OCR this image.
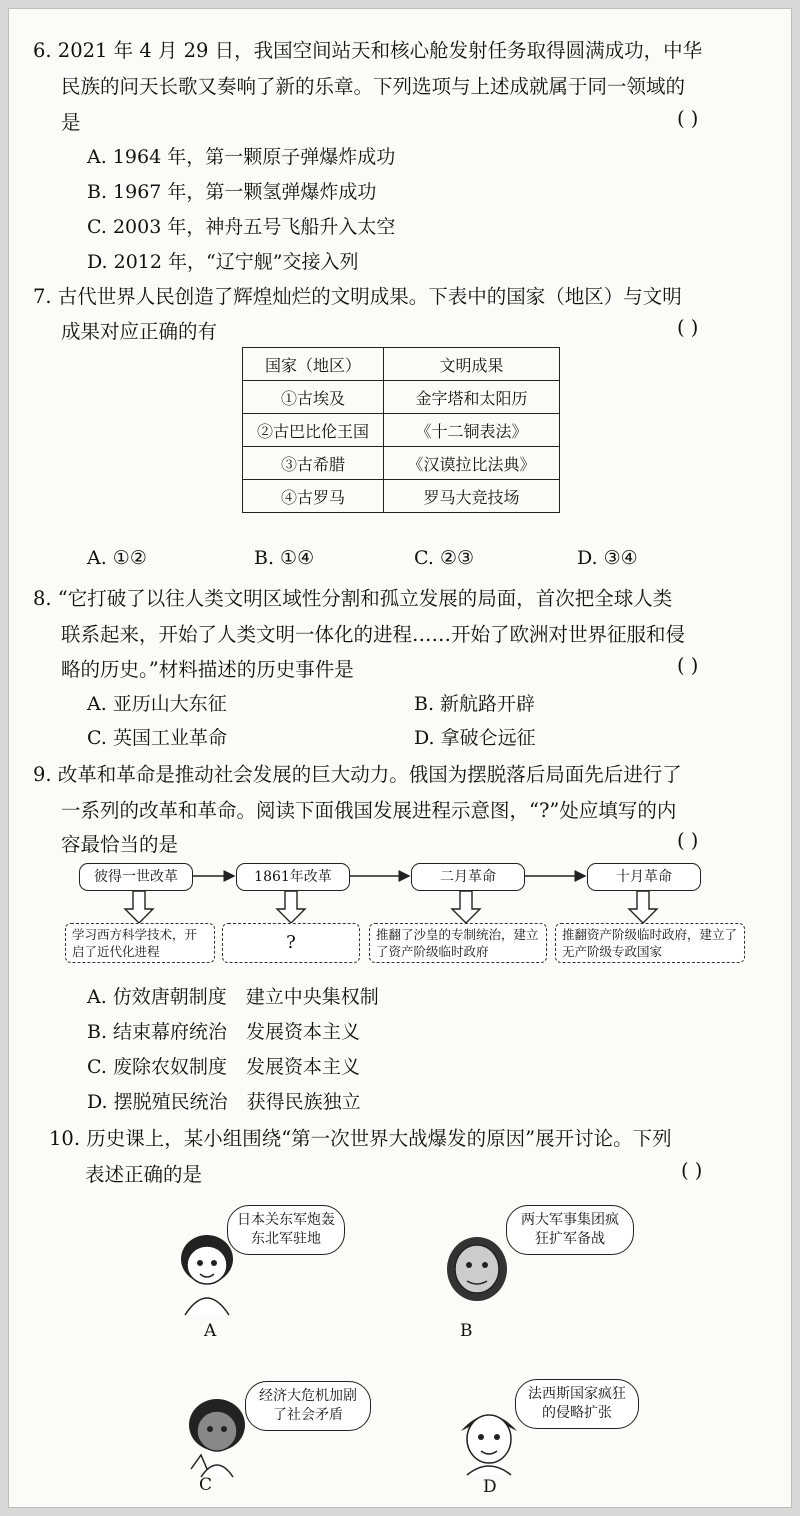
6. 2021 年 4 月 29 日，我国空间站天和核心舱发射任务取得圆满成功，中华
民族的问天长歌又奏响了新的乐章。下列选项与上述成就属于同一领域的
是	( )
A. 1964 年，第一颗原子弹爆炸成功
B. 1967 年，第一颗氢弹爆炸成功
C. 2003 年，神舟五号飞船升入太空
D. 2012 年，“辽宁舰”交接入列
7. 古代世界人民创造了辉煌灿烂的文明成果。下表中的国家（地区）与文明
成果对应正确的有	( )
国家（地区）	文明成果
①古埃及	金字塔和太阳历
②古巴比伦王国	《十二铜表法》
③古希腊	《汉谟拉比法典》
④古罗马	罗马大竞技场
A. ①②	B. ①④	C. ②③	D. ③④
8. “它打破了以往人类文明区域性分割和孤立发展的局面，首次把全球人类
联系起来，开始了人类文明一体化的进程……开始了欧洲对世界征服和侵
略的历史。”材料描述的历史事件是	( )
A. 亚历山大东征	B. 新航路开辟
C. 英国工业革命	D. 拿破仑远征
9. 改革和革命是推动社会发展的巨大动力。俄国为摆脱落后局面先后进行了
一系列的改革和革命。阅读下面俄国发展进程示意图，“?”处应填写的内
容最恰当的是	( )
彼得一世改革	1861年改革	二月革命	十月革命
学习西方科学技术，开启了近代化进程	?	推翻了沙皇的专制统治，建立了资产阶级临时政府
推翻资产阶级临时政府，建立了无产阶级专政国家
A. 仿效唐朝制度　建立中央集权制
B. 结束幕府统治　发展资本主义
C. 废除农奴制度　发展资本主义
D. 摆脱殖民统治　获得民族独立
10. 历史课上，某小组围绕“第一次世界大战爆发的原因”展开讨论。下列
表述正确的是	( )
日本关东军炮轰东北军驻地
A
两大军事集团疯狂扩军备战
B
经济大危机加剧了社会矛盾
C
法西斯国家疯狂的侵略扩张
D
